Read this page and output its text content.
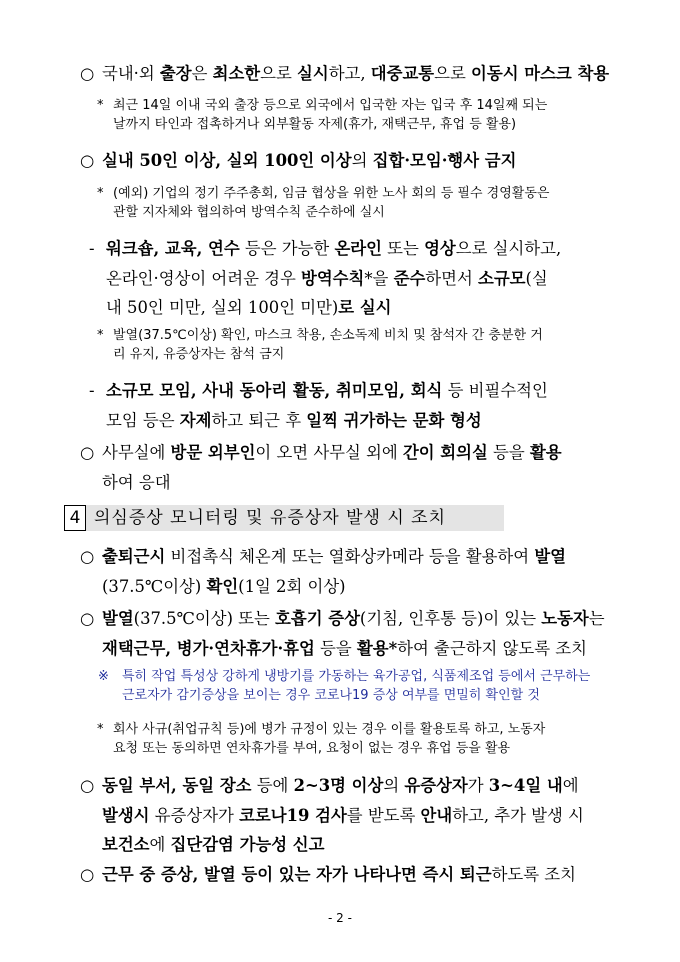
○ 국내·외 출장은 최소한으로 실시하고, 대중교통으로 이동시 마스크 착용
* 최근 14일 이내 국외 출장 등으로 외국에서 입국한 자는 입국 후 14일째 되는
날까지 타인과 접촉하거나 외부활동 자제(휴가, 재택근무, 휴업 등 활용)
○ 실내 50인 이상, 실외 100인 이상의 집합·모임·행사 금지
* (예외) 기업의 정기 주주총회, 임금 협상을 위한 노사 회의 등 필수 경영활동은
관할 지자체와 협의하여 방역수칙 준수하에 실시
- 워크숍, 교육, 연수 등은 가능한 온라인 또는 영상으로 실시하고,
온라인·영상이 어려운 경우 방역수칙*을 준수하면서 소규모(실
내 50인 미만, 실외 100인 미만)로 실시
* 발열(37.5℃이상) 확인, 마스크 착용, 손소독제 비치 및 참석자 간 충분한 거
리 유지, 유증상자는 참석 금지
- 소규모 모임, 사내 동아리 활동, 취미모임, 회식 등 비필수적인
모임 등은 자제하고 퇴근 후 일찍 귀가하는 문화 형성
○ 사무실에 방문 외부인이 오면 사무실 외에 간이 회의실 등을 활용
하여 응대
○ 출퇴근시 비접촉식 체온계 또는 열화상카메라 등을 활용하여 발열
(37.5℃이상) 확인(1일 2회 이상)
○ 발열(37.5℃이상) 또는 호흡기 증상(기침, 인후통 등)이 있는 노동자는
재택근무, 병가·연차휴가·휴업 등을 활용*하여 출근하지 않도록 조치
※ 특히 작업 특성상 강하게 냉방기를 가동하는 육가공업, 식품제조업 등에서 근무하는
근로자가 감기증상을 보이는 경우 코로나19 증상 여부를 면밀히 확인할 것
* 회사 사규(취업규칙 등)에 병가 규정이 있는 경우 이를 활용토록 하고, 노동자
요청 또는 동의하면 연차휴가를 부여, 요청이 없는 경우 휴업 등을 활용
○ 동일 부서, 동일 장소 등에 2~3명 이상의 유증상자가 3~4일 내에
발생시 유증상자가 코로나19 검사를 받도록 안내하고, 추가 발생 시
보건소에 집단감염 가능성 신고
○ 근무 중 증상, 발열 등이 있는 자가 나타나면 즉시 퇴근하도록 조치
4 의심증상 모니터링 및 유증상자 발생 시 조치
- 2 -
